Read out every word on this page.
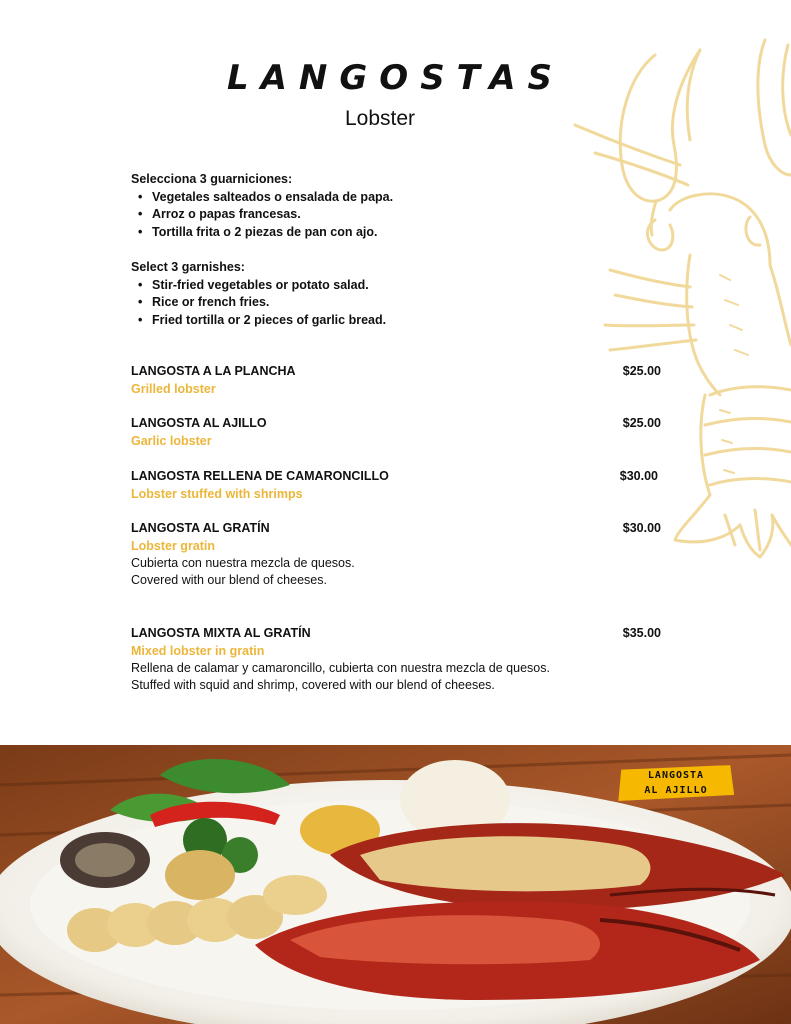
LANGOSTAS
Lobster

Selecciona 3 guarniciones:

• Vegetales salteados o ensalada de papa.
• Arroz o papas francesas.
• Tortilla frita o 2 piezas de pan con ajo.

Select 3 garnishes:

• Stir-fried vegetables or potato salad.
• Rice or french fries.
• Fried tortilla or 2 pieces of garlic bread.
LANGOSTA A LA PLANCHA	$25.00
Grilled lobster
LANGOSTA AL AJILLO	$25.00
Garlic lobster
LANGOSTA RELLENA DE CAMARONCILLO	$30.00
Lobster stuffed with shrimps
LANGOSTA AL GRATÍN	$30.00
Lobster gratin
Cubierta con nuestra mezcla de quesos.
Covered with our blend of cheeses.
LANGOSTA MIXTA AL GRATÍN	$35.00
Mixed lobster in gratin
Rellena de calamar y camaroncillo, cubierta con nuestra mezcla de quesos.
Stuffed with squid and shrimp, covered with our blend of cheeses.
LANGOSTA
AL AJILLO
